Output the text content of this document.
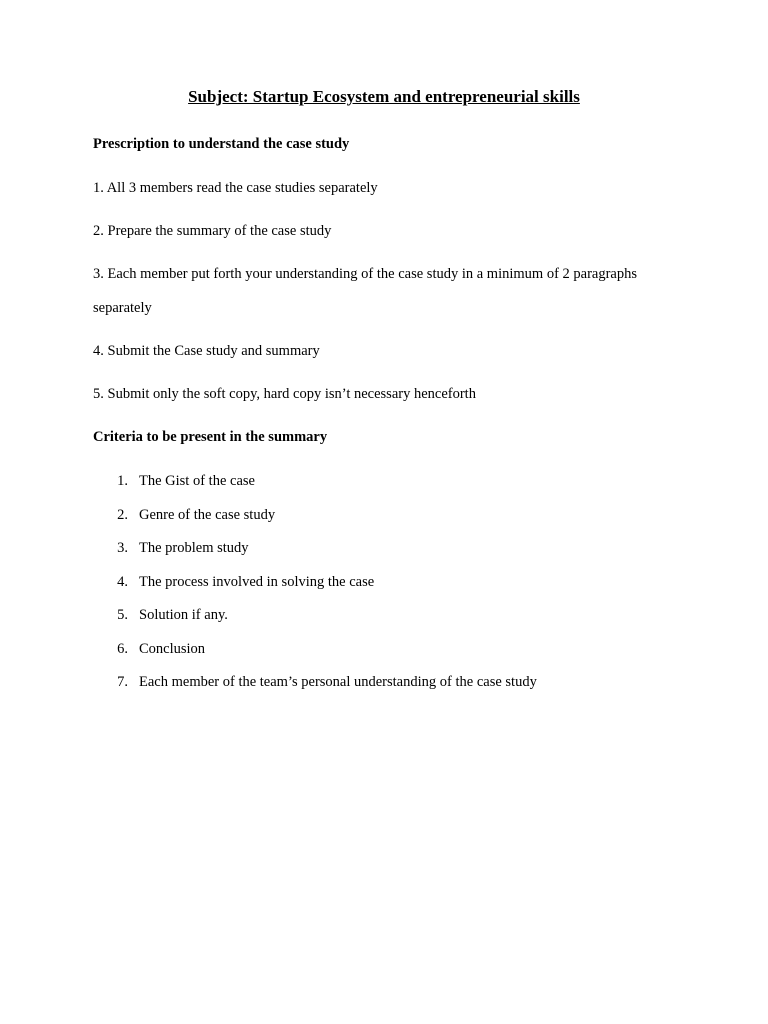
Subject: Startup Ecosystem and entrepreneurial skills
Prescription to understand the case study
1. All 3 members read the case studies separately
2. Prepare the summary of the case study
3. Each member put forth your understanding of the case study in a minimum of 2 paragraphs
separately
4. Submit the Case study and summary
5. Submit only the soft copy, hard copy isn’t necessary henceforth
Criteria to be present in the summary
1. The Gist of the case
2. Genre of the case study
3. The problem study
4. The process involved in solving the case
5. Solution if any.
6. Conclusion
7. Each member of the team’s personal understanding of the case study
